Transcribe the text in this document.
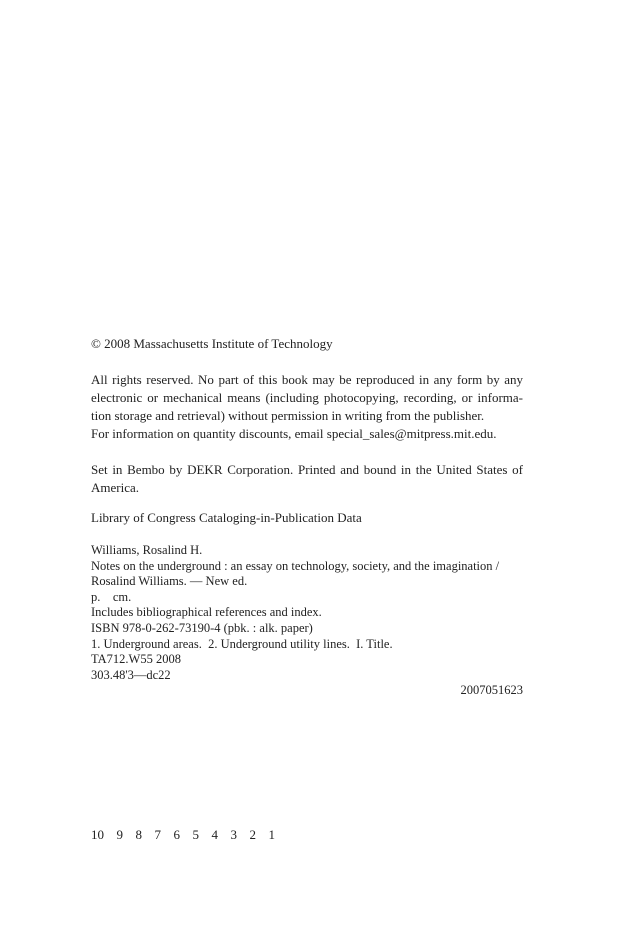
© 2008 Massachusetts Institute of Technology

All rights reserved. No part of this book may be reproduced in any form by any electronic or mechanical means (including photocopying, recording, or informa-tion storage and retrieval) without permission in writing from the publisher.

For information on quantity discounts, email special_sales@mitpress.mit.edu.

Set in Bembo by DEKR Corporation. Printed and bound in the United States of America.

Library of Congress Cataloging-in-Publication Data

Williams, Rosalind H.
Notes on the underground : an essay on technology, society, and the imagination /
Rosalind Williams. — New ed.
p.    cm.
Includes bibliographical references and index.
ISBN 978-0-262-73190-4 (pbk. : alk. paper)
1. Underground areas.  2. Underground utility lines.  I. Title.
TA712.W55 2008
303.48'3—dc22
2007051623
10  9  8  7  6  5  4  3  2  1
